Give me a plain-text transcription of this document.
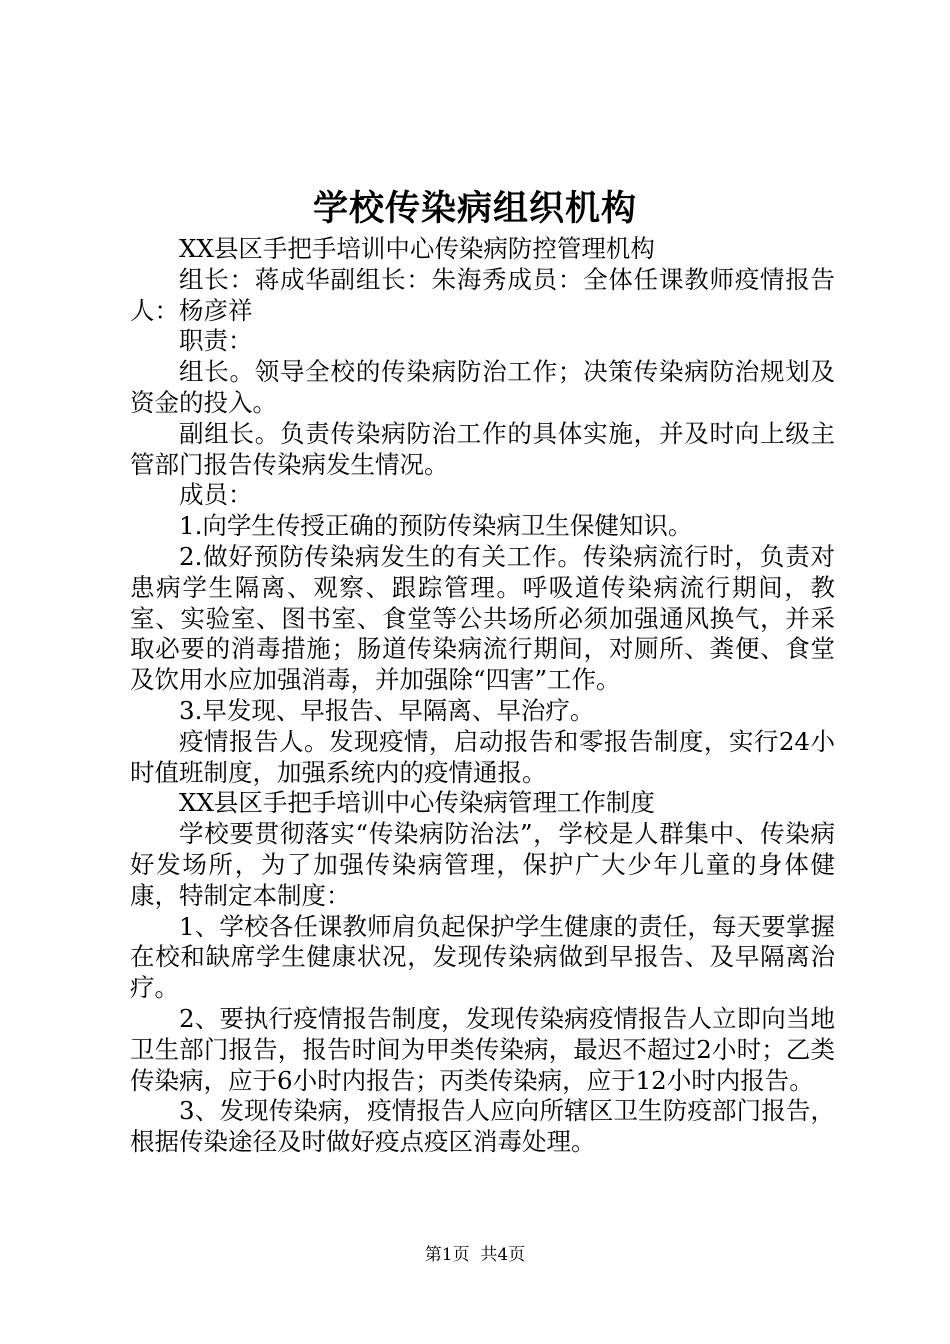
学校传染病组织机构

XX县区手把手培训中心传染病防控管理机构

组长：蒋成华副组长：朱海秀成员：全体任课教师疫情报告人：杨彦祥

职责：

组长。领导全校的传染病防治工作；决策传染病防治规划及资金的投入。

副组长。负责传染病防治工作的具体实施，并及时向上级主管部门报告传染病发生情况。

成员：

1.向学生传授正确的预防传染病卫生保健知识。

2.做好预防传染病发生的有关工作。传染病流行时，负责对患病学生隔离、观察、跟踪管理。呼吸道传染病流行期间，教室、实验室、图书室、食堂等公共场所必须加强通风换气，并采取必要的消毒措施；肠道传染病流行期间，对厕所、粪便、食堂及饮用水应加强消毒，并加强除“四害”工作。

3.早发现、早报告、早隔离、早治疗。

疫情报告人。发现疫情，启动报告和零报告制度，实行24小时值班制度，加强系统内的疫情通报。

XX县区手把手培训中心传染病管理工作制度

学校要贯彻落实“传染病防治法”，学校是人群集中、传染病好发场所，为了加强传染病管理，保护广大少年儿童的身体健康，特制定本制度：

1、学校各任课教师肩负起保护学生健康的责任，每天要掌握在校和缺席学生健康状况，发现传染病做到早报告、及早隔离治疗。

2、要执行疫情报告制度，发现传染病疫情报告人立即向当地卫生部门报告，报告时间为甲类传染病，最迟不超过2小时；乙类传染病，应于6小时内报告；丙类传染病，应于12小时内报告。

3、发现传染病，疫情报告人应向所辖区卫生防疫部门报告，根据传染途径及时做好疫点疫区消毒处理。

第1页  共4页
